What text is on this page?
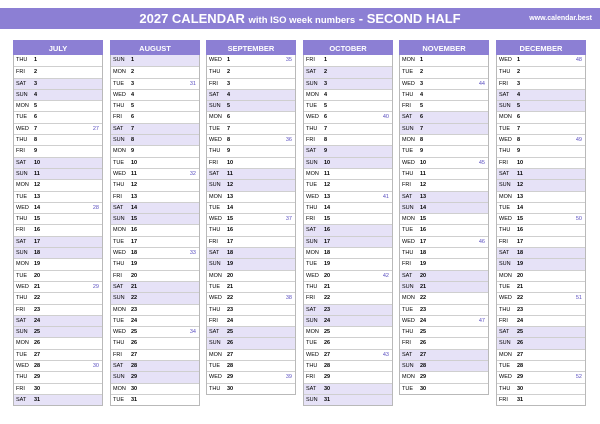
2027 CALENDAR with ISO week numbers - SECOND HALF	www.calendar.best
JULY
THU 1
FRI 2
SAT 3
SUN 4
MON 5
TUE 6
WED 7	27
THU 8
FRI 9
SAT 10
SUN 11
MON 12
TUE 13
WED 14	28
THU 15
FRI 16
SAT 17
SUN 18
MON 19
TUE 20
WED 21	29
THU 22
FRI 23
SAT 24
SUN 25
MON 26
TUE 27
WED 28	30
THU 29
FRI 30
SAT 31
AUGUST
SUN 1
MON 2
TUE 3	31
WED 4
THU 5
FRI 6
SAT 7
SUN 8
MON 9
TUE 10
WED 11	32
THU 12
FRI 13
SAT 14
SUN 15
MON 16
TUE 17
WED 18	33
THU 19
FRI 20
SAT 21
SUN 22
MON 23
TUE 24
WED 25	34
THU 26
FRI 27
SAT 28
SUN 29
MON 30
TUE 31
SEPTEMBER
WED 1	35
THU 2
FRI 3
SAT 4
SUN 5
MON 6
TUE 7
WED 8	36
THU 9
FRI 10
SAT 11
SUN 12
MON 13
TUE 14
WED 15	37
THU 16
FRI 17
SAT 18
SUN 19
MON 20
TUE 21
WED 22	38
THU 23
FRI 24
SAT 25
SUN 26
MON 27
TUE 28
WED 29	39
THU 30
OCTOBER
FRI 1
SAT 2
SUN 3
MON 4
TUE 5
WED 6	40
THU 7
FRI 8
SAT 9
SUN 10
MON 11
TUE 12
WED 13	41
THU 14
FRI 15
SAT 16
SUN 17
MON 18
TUE 19
WED 20	42
THU 21
FRI 22
SAT 23
SUN 24
MON 25
TUE 26
WED 27	43
THU 28
FRI 29
SAT 30
SUN 31
NOVEMBER
MON 1
TUE 2
WED 3	44
THU 4
FRI 5
SAT 6
SUN 7
MON 8
TUE 9
WED 10	45
THU 11
FRI 12
SAT 13
SUN 14
MON 15
TUE 16
WED 17	46
THU 18
FRI 19
SAT 20
SUN 21
MON 22
TUE 23
WED 24	47
THU 25
FRI 26
SAT 27
SUN 28
MON 29
TUE 30
DECEMBER
WED 1	48
THU 2
FRI 3
SAT 4
SUN 5
MON 6
TUE 7
WED 8	49
THU 9
FRI 10
SAT 11
SUN 12
MON 13
TUE 14
WED 15	50
THU 16
FRI 17
SAT 18
SUN 19
MON 20
TUE 21
WED 22	51
THU 23
FRI 24
SAT 25
SUN 26
MON 27
TUE 28
WED 29	52
THU 30
FRI 31
